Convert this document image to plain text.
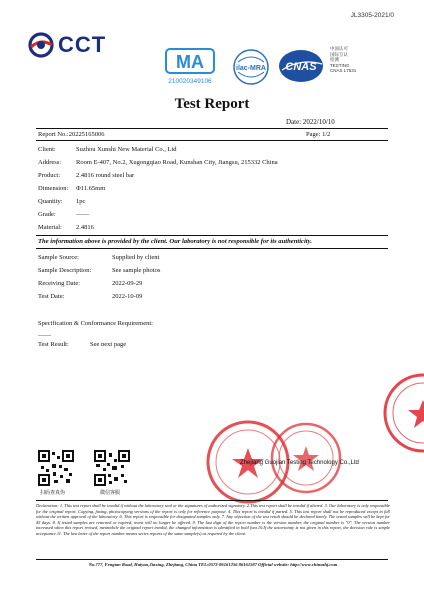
JL3305-2021/0
CCT
MA
210020349106
ilac-MRA CNAS
中国认可
国际互认
检测
TESTING
CNAS L7531
Test Report
Date: 2022/10/10
Report No.:20225165006	Page: 1/2
Client:	Suzhou Xunshi New Material Co., Ltd
Address:	Room E-407, No.2, Xugongqiao Road, Kunshan City, Jiangsu, 215332 China
Product:	2.4816 round steel bar
Dimension:	Φ11.65mm
Quantity:	1pc
Grade:	——
Material:	2.4816
The information above is provided by the client. Our laboratory is not responsible for its authenticity.
Sample Source:	Supplied by client
Sample Description:	See sample photos
Receiving Date:	2022-09-29
Test Date:	2022-10-09
Specification & Conformance Requirement:
——
Test Result:	See next page
Zhejiang Guojian Testing Technology Co.,Ltd
扫码查真伪	微信客服
Declaration: 1. This test report shall be invalid if without the laboratory seal or the signatures of authorized signatory. 2.This test report shall be invalid if altered. 3. Our laboratory is only responsible for the original report. Copying, faxing, photocopying versions of the report is only for reference purpose. 4. This report is invalid if parted. 5. This test report shall not be reproduced except in full without the written approval of the laboratory. 6. This report is responsible for designated samples only. 7. Any objection of the test result should be declared timely. The tested samples will be kept for 45 days. 8. If tested samples are returned or expired, retest will no longer be offered. 9. The last digit of the report number is the version number, the original number is "0". The version number increased when this report revised, meanwhile the original report invalid, the changed information is identified in bold font.10.If the uncertainty is not given in this report, the decision rule is simple acceptance.11. The last letter of the report number means series reports of the same sample(s) as required by the client.
No.777, Fengtan Road, Haiyan,Jiaxing, Zhejiang, China TEL:0573-86161256 86161587 Official website: http://www.chinazhj.com
